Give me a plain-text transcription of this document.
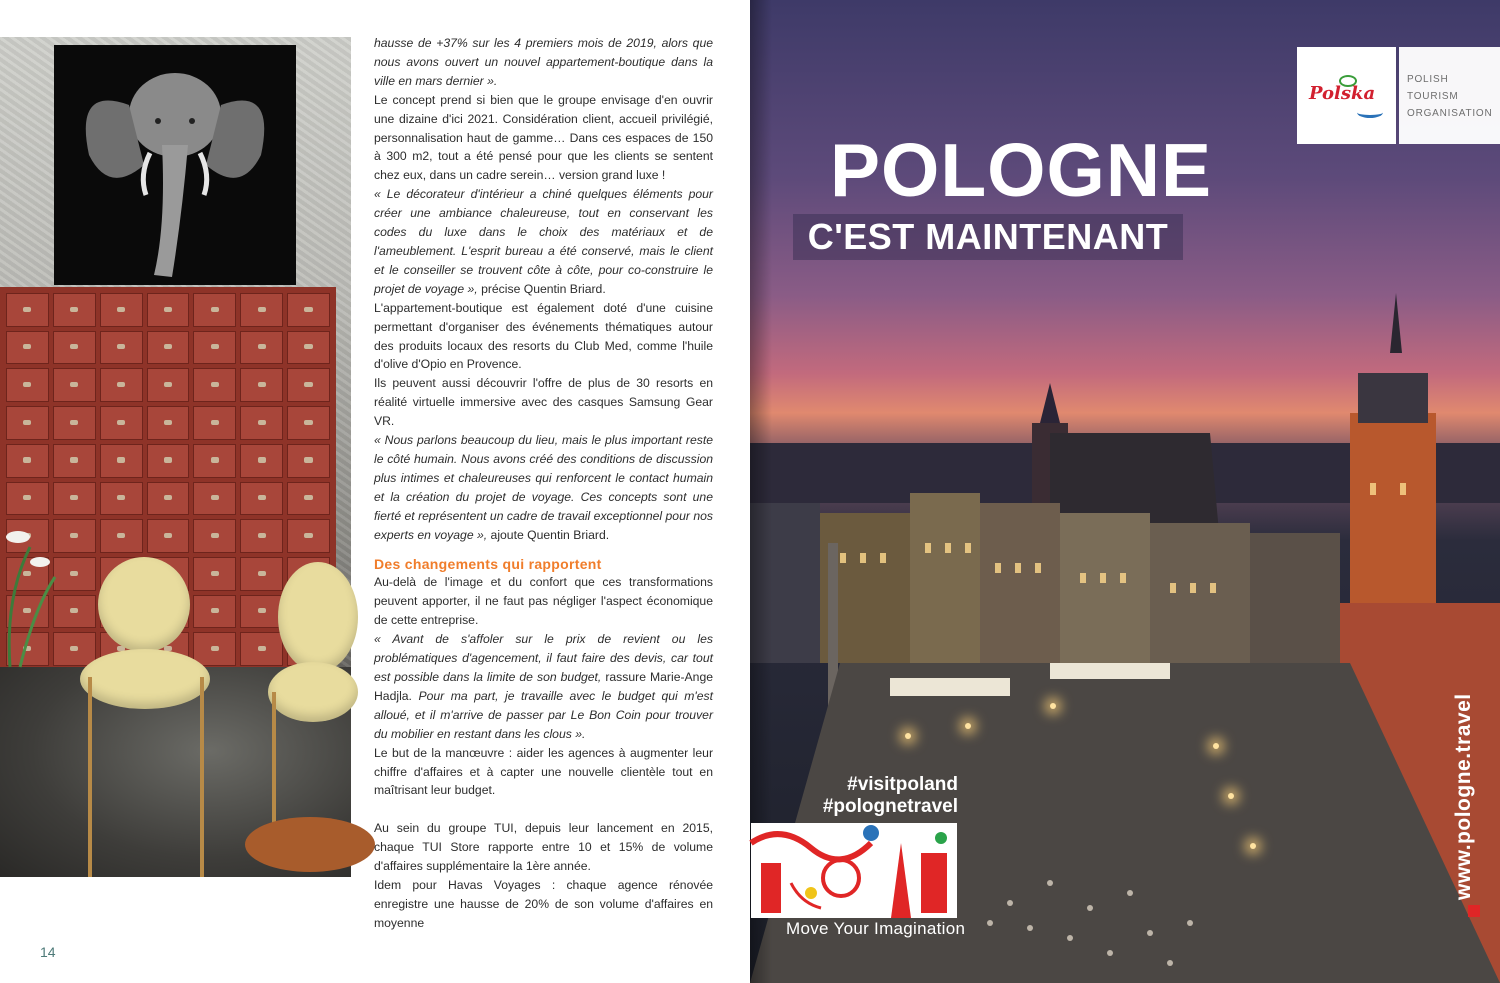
B2C Travel Events - Gardanne

hausse de +37% sur les 4 premiers mois de 2019, alors que nous avons ouvert un nouvel appartement-boutique dans la ville en mars dernier ».

Le concept prend si bien que le groupe envisage d'en ouvrir une dizaine d'ici 2021. Considération client, accueil privilégié, personnalisation haut de gamme… Dans ces espaces de 150 à 300 m2, tout a été pensé pour que les clients se sentent chez eux, dans un cadre serein… version grand luxe !

« Le décorateur d'intérieur a chiné quelques éléments pour créer une ambiance chaleureuse, tout en conservant les codes du luxe dans le choix des matériaux et de l'ameublement. L'esprit bureau a été conservé, mais le client et le conseiller se trouvent côte à côte, pour co-construire le projet de voyage », précise Quentin Briard.

L'appartement-boutique est également doté d'une cuisine permettant d'organiser des événements thématiques autour des produits locaux des resorts du Club Med, comme l'huile d'olive d'Opio en Provence.

Ils peuvent aussi découvrir l'offre de plus de 30 resorts en réalité virtuelle immersive avec des casques Samsung Gear VR.

« Nous parlons beaucoup du lieu, mais le plus important reste le côté humain. Nous avons créé des conditions de discussion plus intimes et chaleureuses qui renforcent le contact humain et la création du projet de voyage. Ces concepts sont une fierté et représentent un cadre de travail exceptionnel pour nos experts en voyage », ajoute Quentin Briard.

Des changements qui rapportent

Au-delà de l'image et du confort que ces transformations peuvent apporter, il ne faut pas négliger l'aspect économique de cette entreprise.

« Avant de s'affoler sur le prix de revient ou les problématiques d'agencement, il faut faire des devis, car tout est possible dans la limite de son budget, rassure Marie-Ange Hadjla. Pour ma part, je travaille avec le budget qui m'est alloué, et il m'arrive de passer par Le Bon Coin pour trouver du mobilier en restant dans les clous ».

Le but de la manœuvre : aider les agences à augmenter leur chiffre d'affaires et à capter une nouvelle clientèle tout en maîtrisant leur budget.

Au sein du groupe TUI, depuis leur lancement en 2015, chaque TUI Store rapporte entre 10 et 15% de volume d'affaires supplémentaire la 1ère année.

Idem pour Havas Voyages : chaque agence rénovée enregistre une hausse de 20% de son volume d'affaires en moyenne

14
Polska
POLISH
TOURISM
ORGANISATION
POLOGNE
C'EST MAINTENANT
#visitpoland
#polognetravel
Move Your Imagination
www.pologne.travel
